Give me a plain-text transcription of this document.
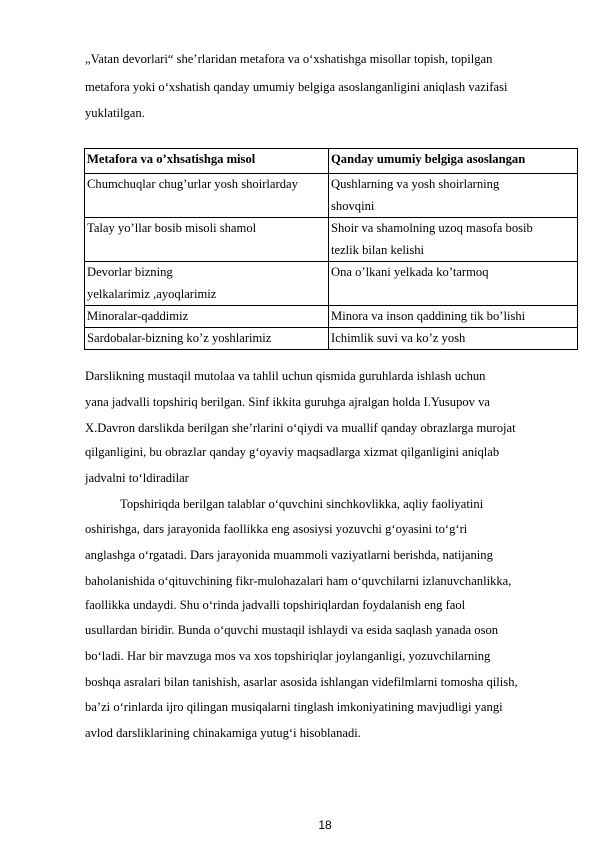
„Vatan devorlari“ she’rlaridan metafora va o‘xshatishga misollar topish, topilgan
metafora yoki o‘xshatish qanday umumiy belgiga asoslanganligini aniqlash vazifasi
yuklatilgan.
Metafora va o’xhsatishga misol	Qanday umumiy belgiga asoslangan

Chumchuqlar chug’urlar yosh shoirlarday	Qushlarning va yosh shoirlarning
shovqini

Talay yo’llar bosib misoli shamol	Shoir va shamolning uzoq masofa bosib
tezlik bilan kelishi

Devorlar bizning
yelkalarimiz ,ayoqlarimiz	Ona o’lkani yelkada ko’tarmoq

Minoralar-qaddimiz	Minora va inson qaddining tik bo’lishi

Sardobalar-bizning ko’z yoshlarimiz	Ichimlik suvi va ko’z yosh
Darslikning mustaqil mutolaa va tahlil uchun qismida guruhlarda ishlash uchun
yana jadvalli topshiriq berilgan. Sinf ikkita guruhga ajralgan holda I.Yusupov va
X.Davron darslikda berilgan she’rlarini o‘qiydi va muallif qanday obrazlarga murojat
qilganligini, bu obrazlar qanday g‘oyaviy maqsadlarga xizmat qilganligini aniqlab
jadvalni to‘ldiradilar
Topshiriqda berilgan talablar o‘quvchini sinchkovlikka, aqliy faoliyatini
oshirishga, dars jarayonida faollikka eng asosiysi yozuvchi g‘oyasini to‘g‘ri
anglashga o‘rgatadi. Dars jarayonida muammoli vaziyatlarni berishda, natijaning
baholanishida o‘qituvchining fikr-mulohazalari ham o‘quvchilarni izlanuvchanlikka,
faollikka undaydi. Shu o‘rinda jadvalli topshiriqlardan foydalanish eng faol
usullardan biridir. Bunda o‘quvchi mustaqil ishlaydi va esida saqlash yanada oson
bo‘ladi. Har bir mavzuga mos va xos topshiriqlar joylanganligi, yozuvchilarning
boshqa asralari bilan tanishish, asarlar asosida ishlangan videfilmlarni tomosha qilish,
ba’zi o‘rinlarda ijro qilingan musiqalarni tinglash imkoniyatining mavjudligi yangi
avlod darsliklarining chinakamiga yutug‘i hisoblanadi.
18
